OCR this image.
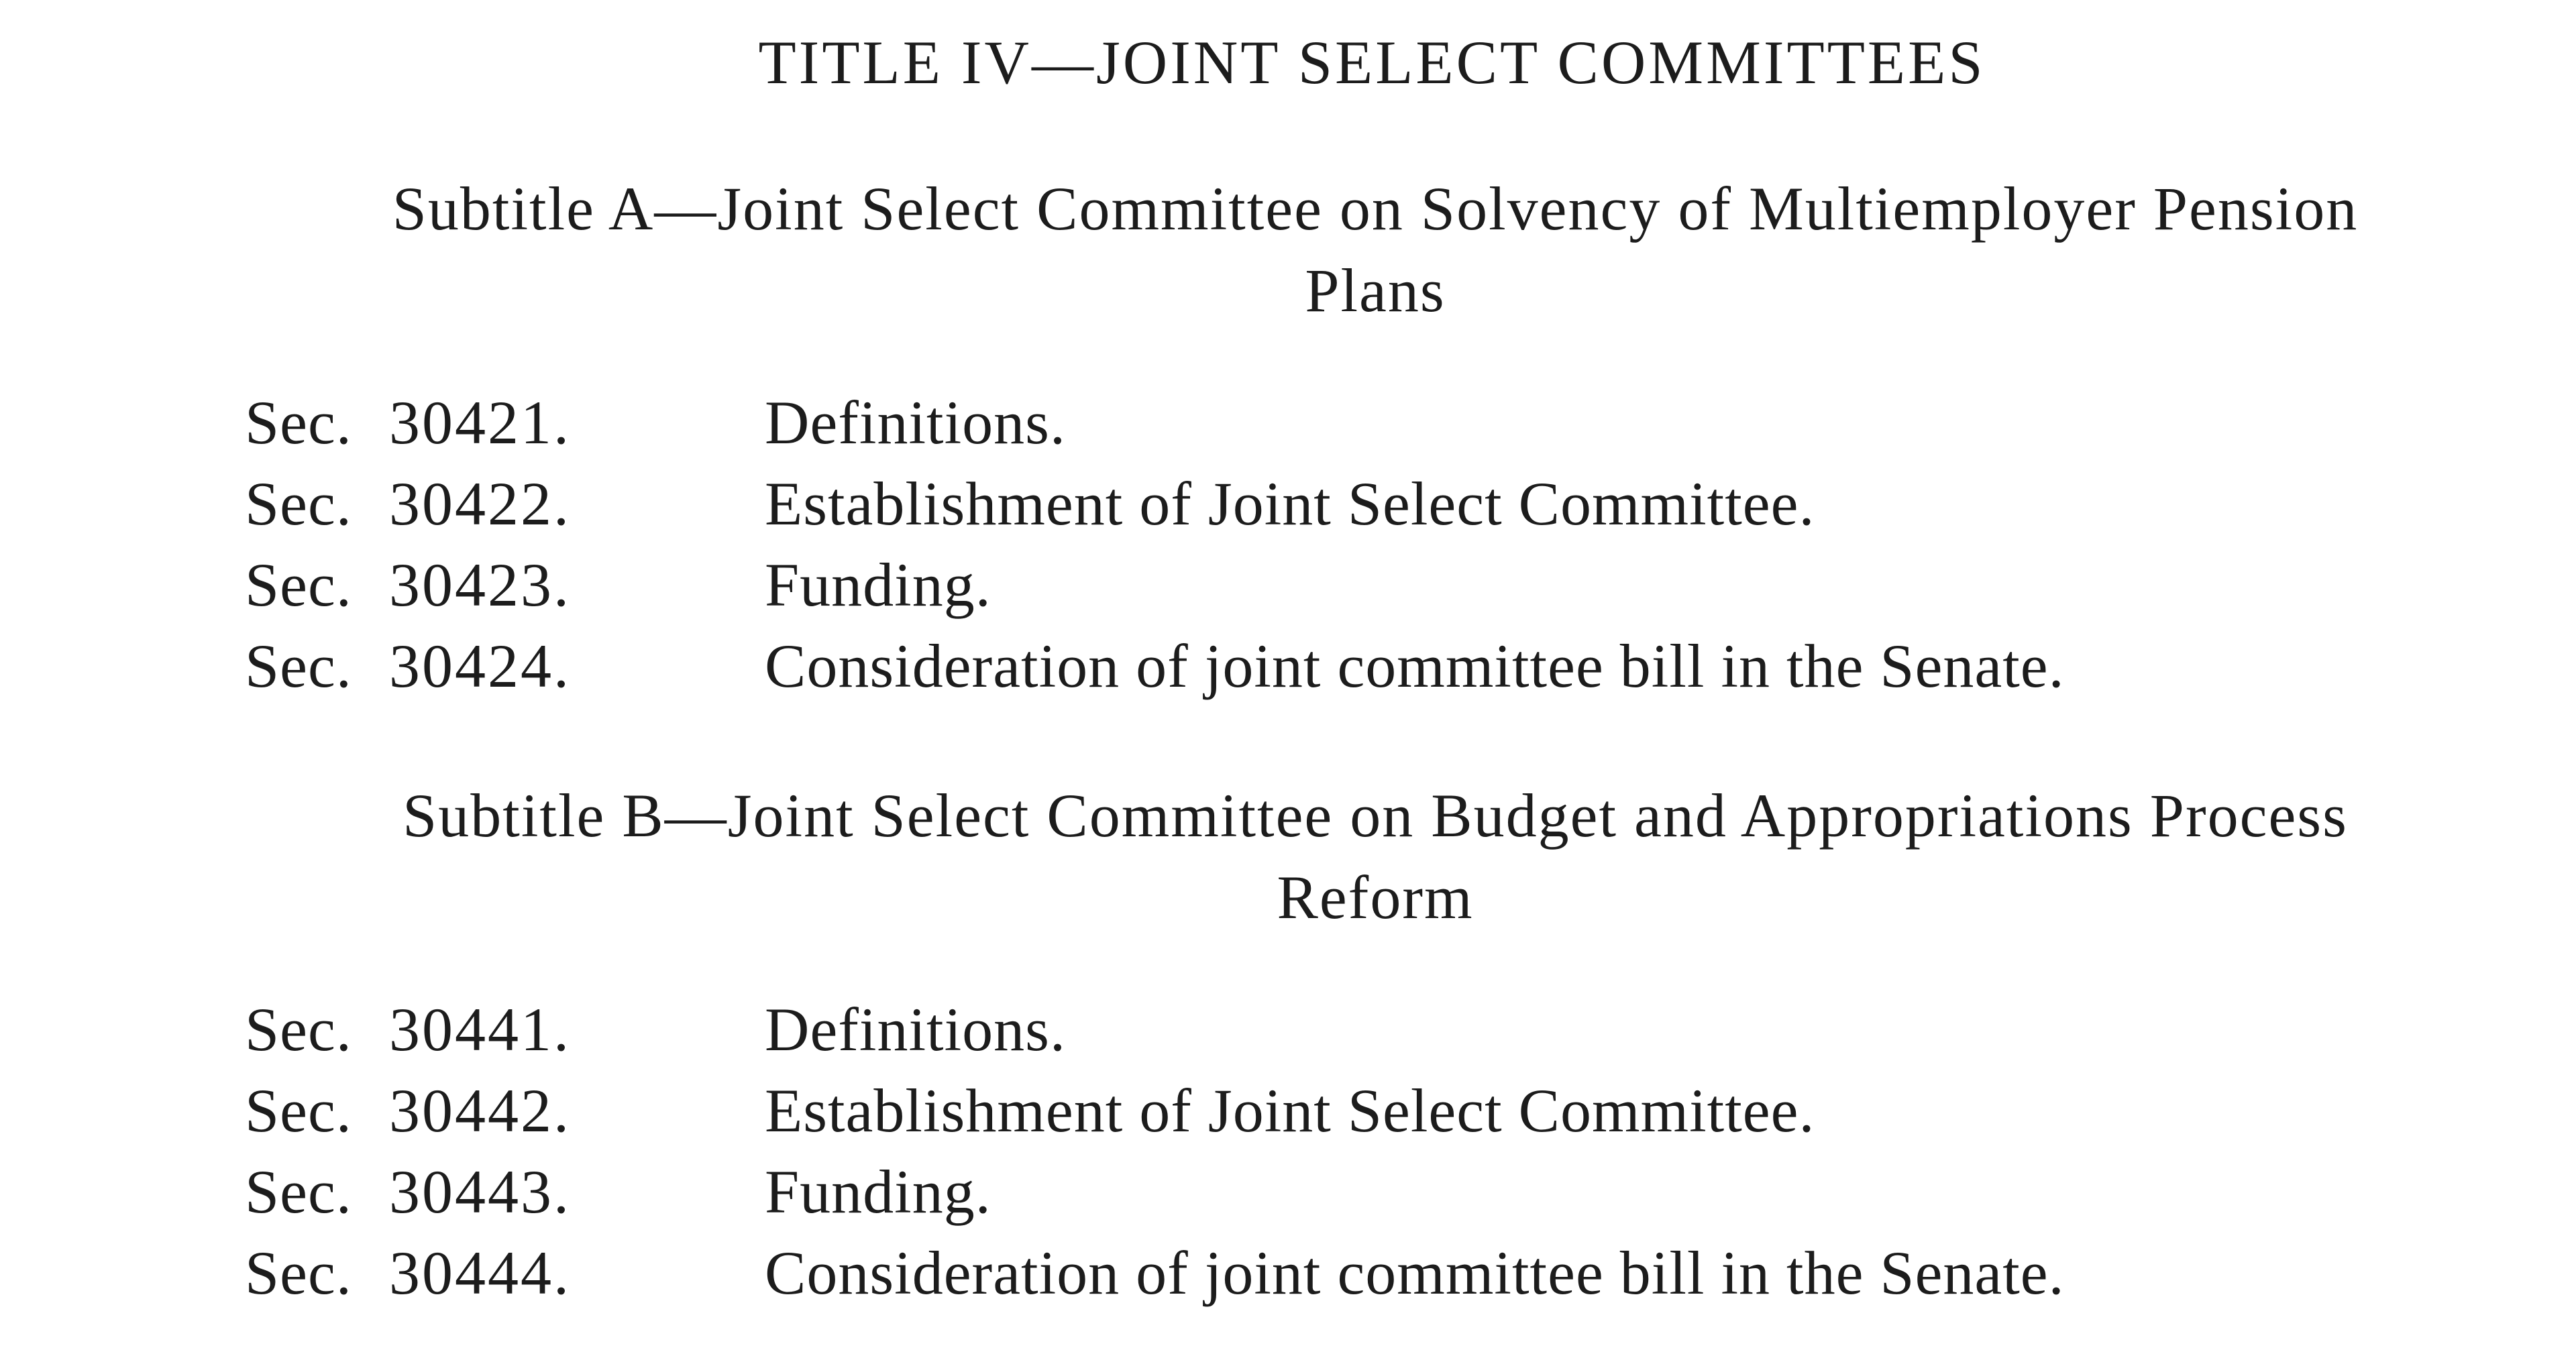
TITLE IV—JOINT SELECT COMMITTEES
Subtitle A—Joint Select Committee on Solvency of Multiemployer Pension
Plans
Sec. 30421.	Definitions.
Sec. 30422.	Establishment of Joint Select Committee.
Sec. 30423.	Funding.
Sec. 30424.	Consideration of joint committee bill in the Senate.
Subtitle B—Joint Select Committee on Budget and Appropriations Process
Reform
Sec. 30441.	Definitions.
Sec. 30442.	Establishment of Joint Select Committee.
Sec. 30443.	Funding.
Sec. 30444.	Consideration of joint committee bill in the Senate.
